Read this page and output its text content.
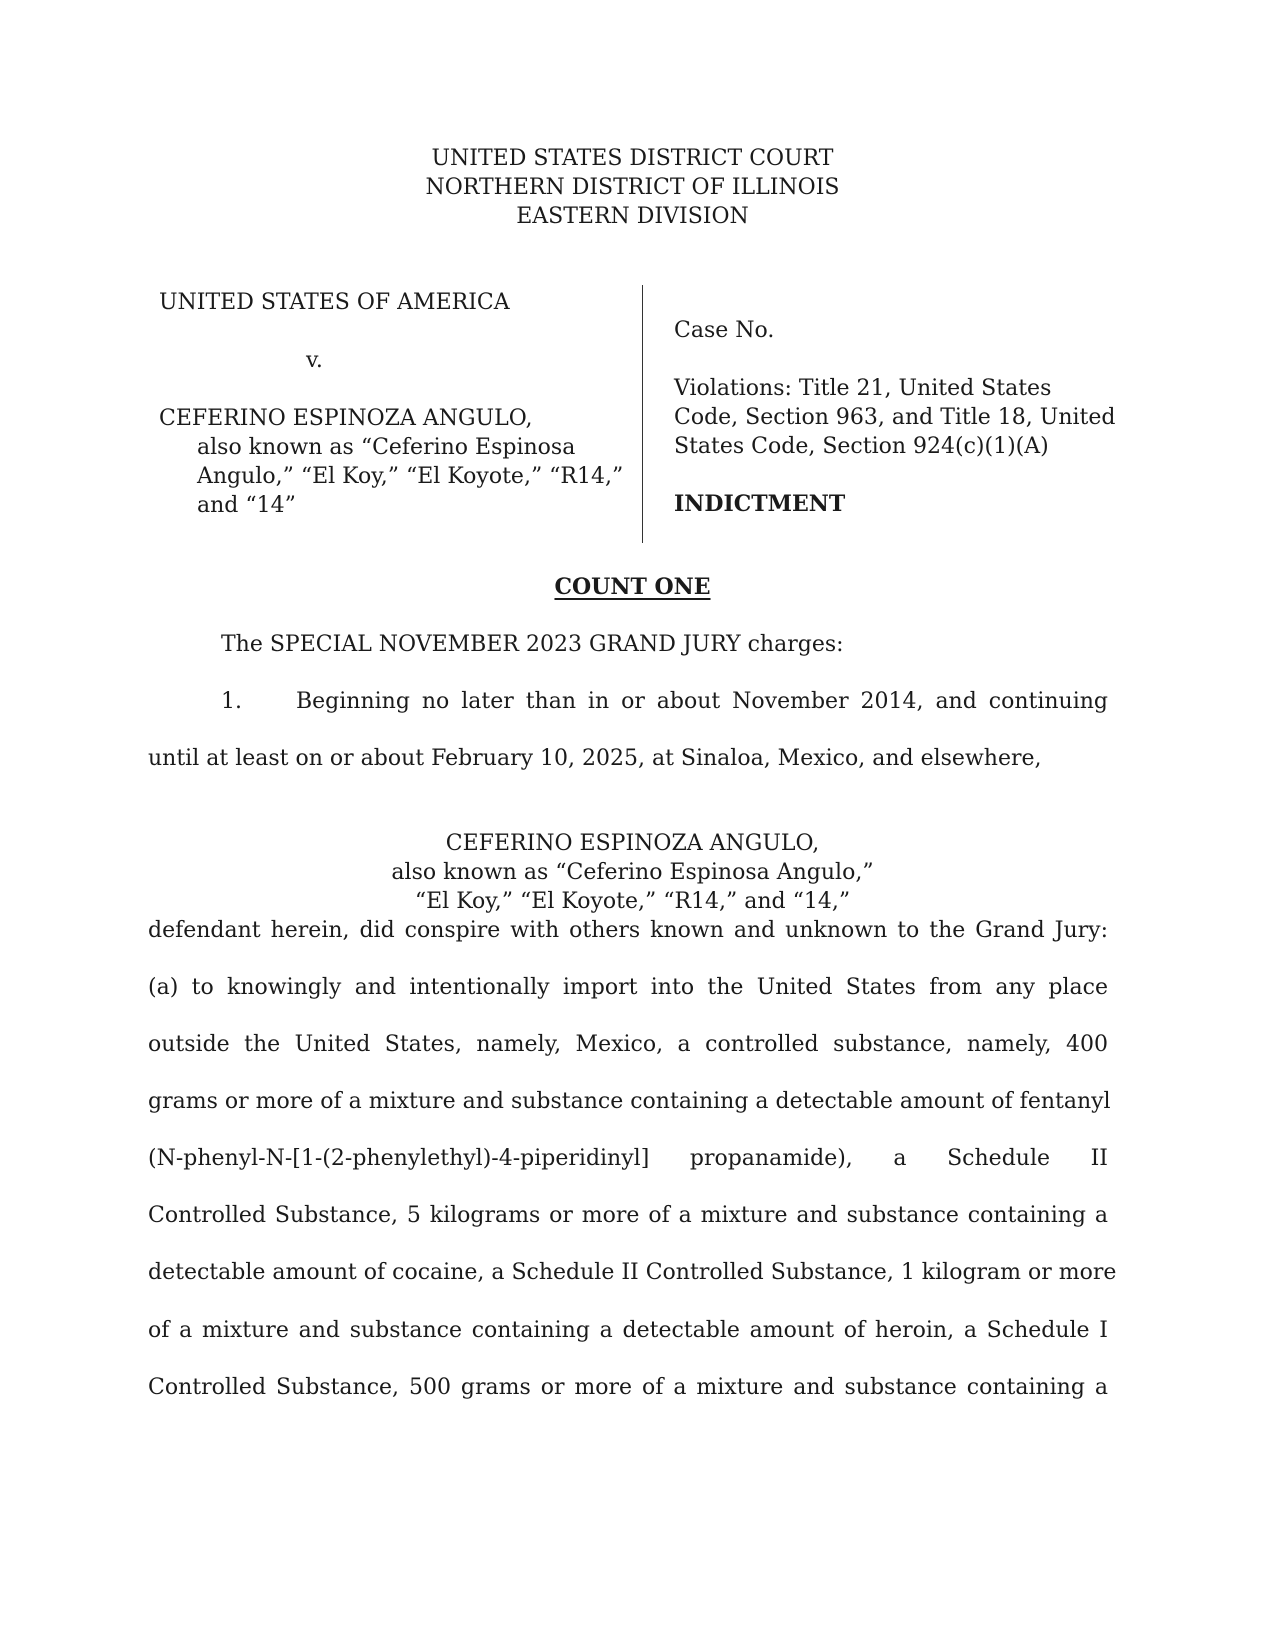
UNITED STATES DISTRICT COURT
NORTHERN DISTRICT OF ILLINOIS
EASTERN DIVISION
UNITED STATES OF AMERICA
v.
CEFERINO ESPINOZA ANGULO,
also known as “Ceferino Espinosa
Angulo,” “El Koy,” “El Koyote,” “R14,”
and “14”
Case No.
Violations: Title 21, United States
Code, Section 963, and Title 18, United
States Code, Section 924(c)(1)(A)
INDICTMENT
COUNT ONE
The SPECIAL NOVEMBER 2023 GRAND JURY charges:
1. Beginning no later than in or about November 2014, and continuing
until at least on or about February 10, 2025, at Sinaloa, Mexico, and elsewhere,
CEFERINO ESPINOZA ANGULO,
also known as “Ceferino Espinosa Angulo,”
“El Koy,” “El Koyote,” “R14,” and “14,”
defendant herein, did conspire with others known and unknown to the Grand Jury:
(a) to knowingly and intentionally import into the United States from any place
outside the United States, namely, Mexico, a controlled substance, namely, 400
grams or more of a mixture and substance containing a detectable amount of fentanyl
(N-phenyl-N-[1-(2-phenylethyl)-4-piperidinyl] propanamide), a Schedule II
Controlled Substance, 5 kilograms or more of a mixture and substance containing a
detectable amount of cocaine, a Schedule II Controlled Substance, 1 kilogram or more
of a mixture and substance containing a detectable amount of heroin, a Schedule I
Controlled Substance, 500 grams or more of a mixture and substance containing a
